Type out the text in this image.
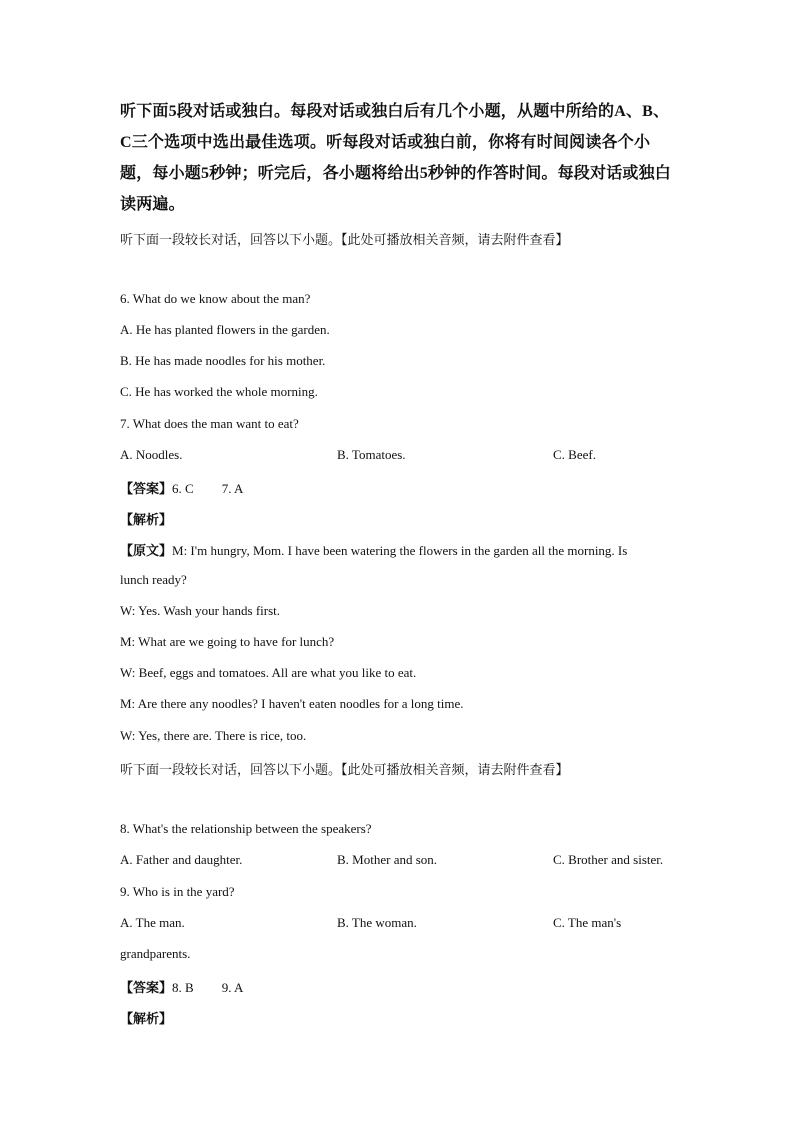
听下面5段对话或独白。每段对话或独白后有几个小题，从题中所给的A、B、C三个选项中选出最佳选项。听每段对话或独白前，你将有时间阅读各个小题，每小题5秒钟；听完后，各小题将给出5秒钟的作答时间。每段对话或独白读两遍。
听下面一段较长对话，回答以下小题。【此处可播放相关音频，请去附件查看】
6. What do we know about the man?
A. He has planted flowers in the garden.
B. He has made noodles for his mother.
C. He has worked the whole morning.
7. What does the man want to eat?
A. Noodles.	B. Tomatoes.	C. Beef.
【答案】6. C 7. A
【解析】
【原文】M: I'm hungry, Mom. I have been watering the flowers in the garden all the morning. Is
lunch ready?
W: Yes. Wash your hands first.
M: What are we going to have for lunch?
W: Beef, eggs and tomatoes. All are what you like to eat.
M: Are there any noodles? I haven't eaten noodles for a long time.
W: Yes, there are. There is rice, too.
听下面一段较长对话，回答以下小题。【此处可播放相关音频，请去附件查看】
8. What's the relationship between the speakers?
A. Father and daughter.	B. Mother and son.	C. Brother and sister.
9. Who is in the yard?
A. The man.	B. The woman.	C. The man's
grandparents.
【答案】8. B 9. A
【解析】
